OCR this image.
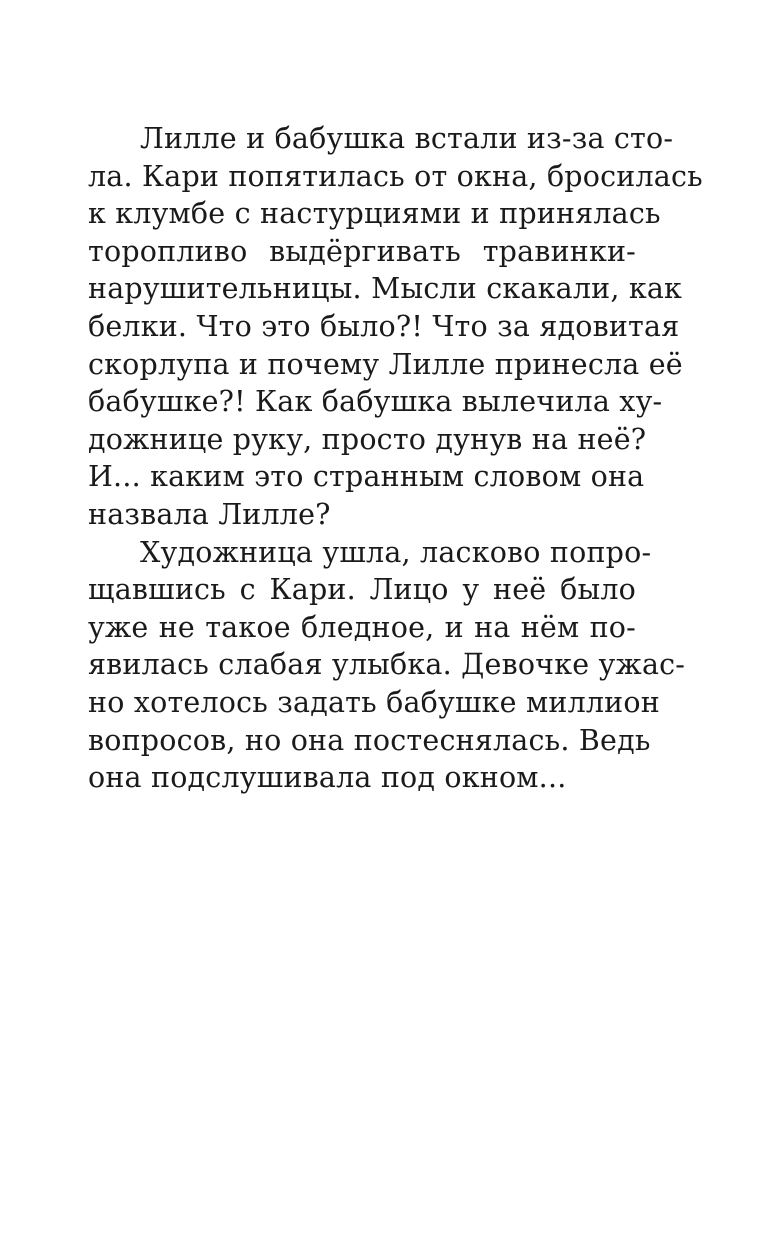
Лилле и бабушка встали из-за сто-
ла. Кари попятилась от окна, бросилась
к клумбе с настурциями и принялась
торопливо выдёргивать травинки-
нарушительницы. Мысли скакали, как
белки. Что это было?! Что за ядовитая
скорлупа и почему Лилле принесла её
бабушке?! Как бабушка вылечила ху-
дожнице руку, просто дунув на неё?
И... каким это странным словом она
назвала Лилле?
Художница ушла, ласково попро-
щавшись с Кари. Лицо у неё было
уже не такое бледное, и на нём по-
явилась слабая улыбка. Девочке ужас-
но хотелось задать бабушке миллион
вопросов, но она постеснялась. Ведь
она подслушивала под окном...
